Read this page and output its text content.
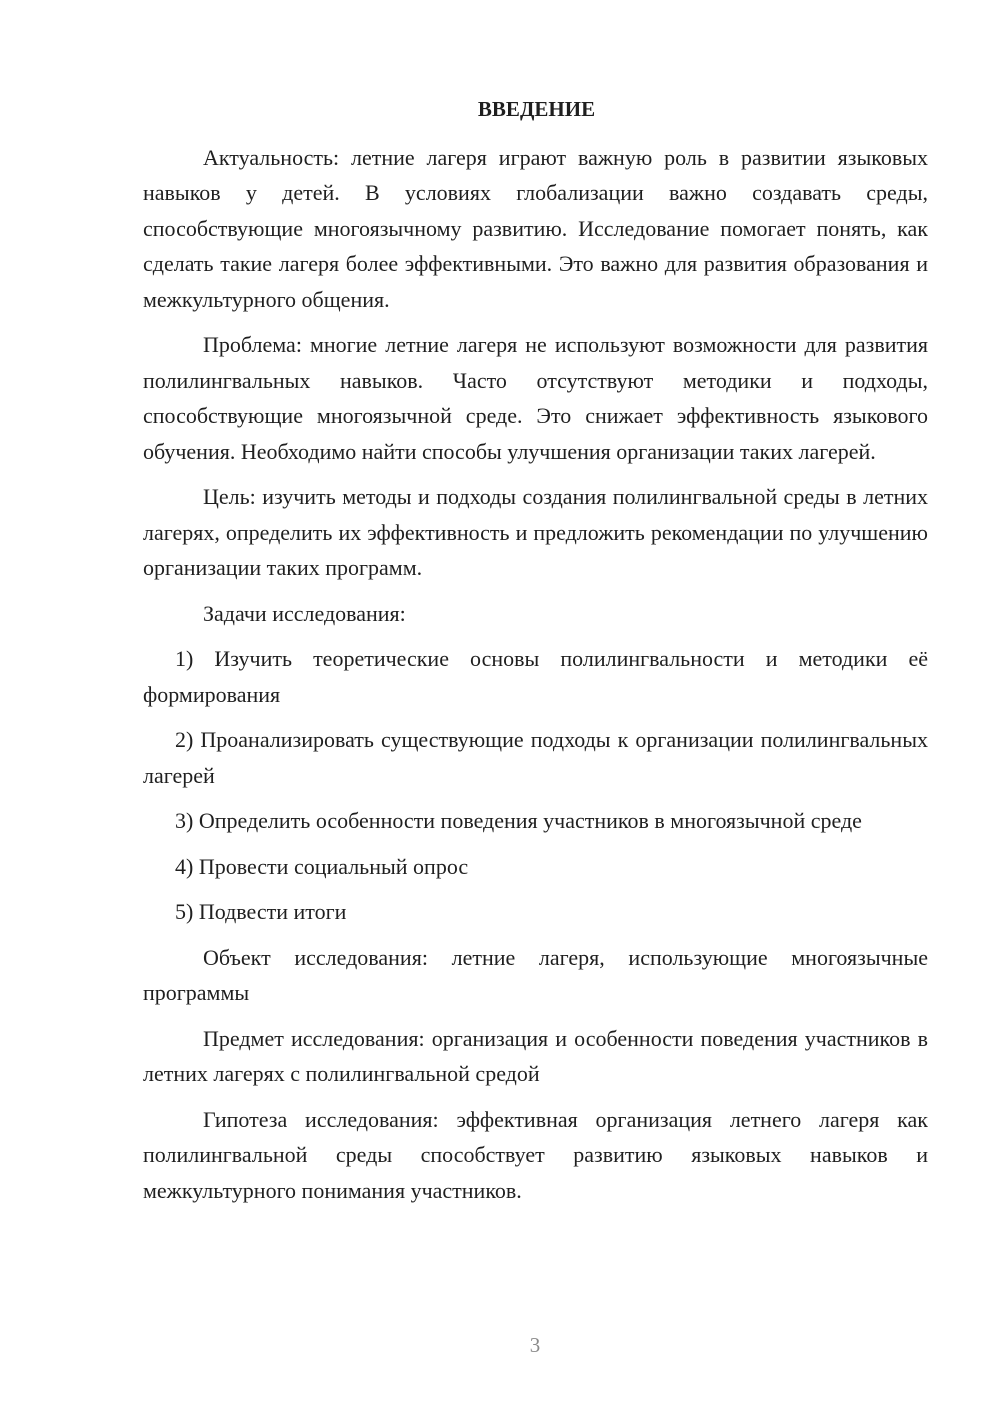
ВВЕДЕНИЕ

Актуальность: летние лагеря играют важную роль в развитии языковых навыков у детей. В условиях глобализации важно создавать среды, способствующие многоязычному развитию. Исследование помогает понять, как сделать такие лагеря более эффективными. Это важно для развития образования и межкультурного общения.

Проблема: многие летние лагеря не используют возможности для развития полилингвальных навыков. Часто отсутствуют методики и подходы, способствующие многоязычной среде. Это снижает эффективность языкового обучения. Необходимо найти способы улучшения организации таких лагерей.

Цель: изучить методы и подходы создания полилингвальной среды в летних лагерях, определить их эффективность и предложить рекомендации по улучшению организации таких программ.

Задачи исследования:

1) Изучить теоретические основы полилингвальности и методики её формирования

2) Проанализировать существующие подходы к организации полилингвальных лагерей

3) Определить особенности поведения участников в многоязычной среде

4) Провести социальный опрос

5) Подвести итоги

Объект исследования: летние лагеря, использующие многоязычные программы

Предмет исследования: организация и особенности поведения участников в летних лагерях с полилингвальной средой

Гипотеза исследования: эффективная организация летнего лагеря как полилингвальной среды способствует развитию языковых навыков и межкультурного понимания участников.

3
